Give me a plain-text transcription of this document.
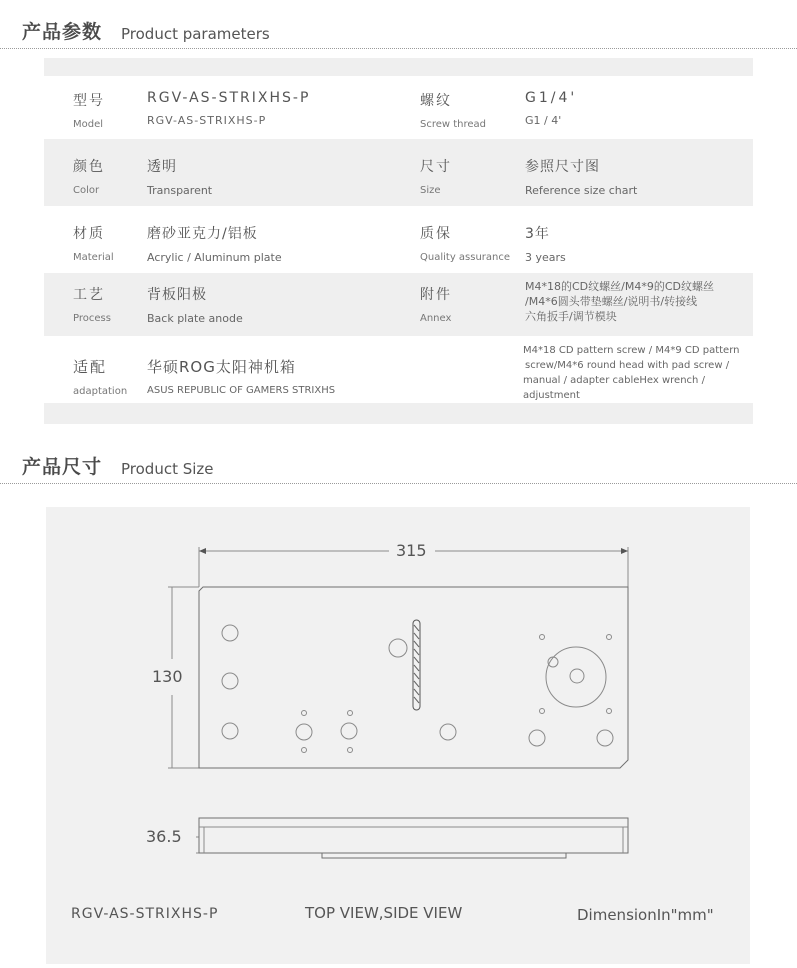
产品参数 Product parameters
型号
Model
RGV-AS-STRIXHS-P
RGV-AS-STRIXHS-P
螺纹
Screw thread
G1/4'
G1 / 4'
颜色
Color
透明
Transparent
尺寸
Size
参照尺寸图
Reference size chart
材质
Material
磨砂亚克力/铝板
Acrylic / Aluminum plate
质保
Quality assurance
3年
3 years
工艺
Process
背板阳极
Back plate anode
附件
Annex
M4*18的CD纹螺丝/M4*9的CD纹螺丝
/M4*6圆头带垫螺丝/说明书/转接线
六角扳手/调节模块
适配
adaptation
华硕ROG太阳神机箱
ASUS REPUBLIC OF GAMERS STRIXHS
M4*18 CD pattern screw / M4*9 CD pattern
screw/M4*6 round head with pad screw /
manual / adapter cableHex wrench / adjustment
产品尺寸 Product Size
315
130
36.5
RGV-AS-STRIXHS-P	TOP VIEW,SIDE VIEW	DimensionIn"mm"
